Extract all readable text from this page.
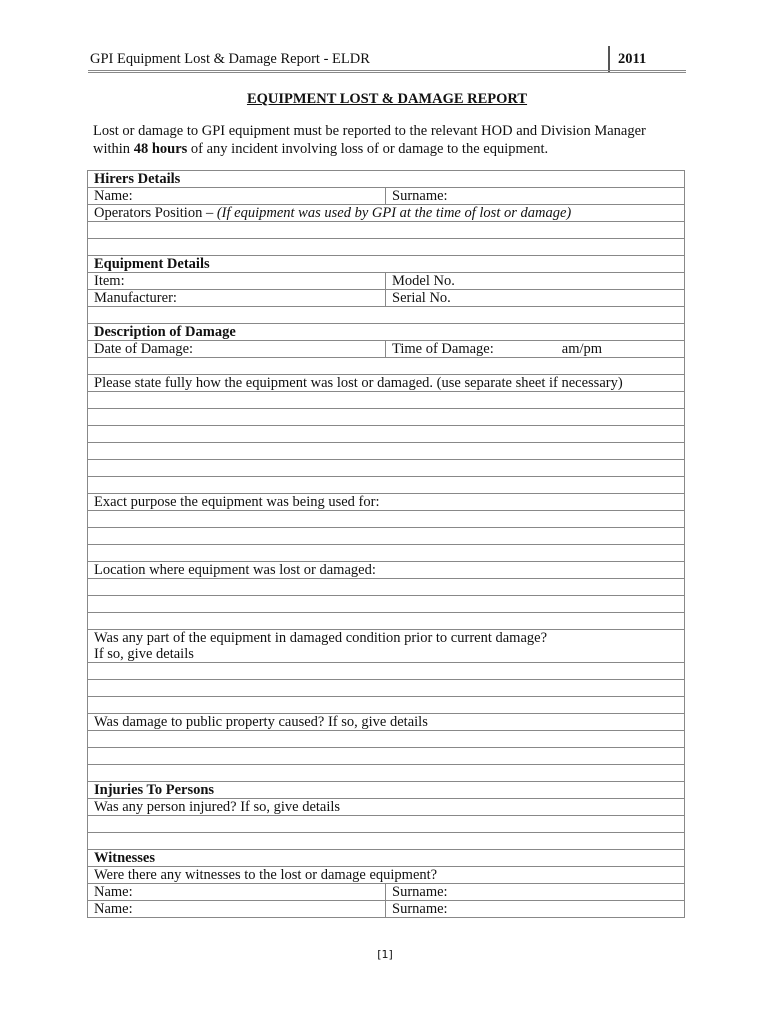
GPI Equipment Lost & Damage Report - ELDR	2011
EQUIPMENT LOST & DAMAGE REPORT
Lost or damage to GPI equipment must be reported to the relevant HOD and Division Manager within 48 hours of any incident involving loss of or damage to the equipment.
Hirers Details	
Name:	Surname:
Operators Position – (If equipment was used by GPI at the time of lost or damage)	

Equipment Details	
Item:	Model No.
Manufacturer:	Serial No.

Description of Damage	
Date of Damage:	Time of Damage: am/pm

Please state fully how the equipment was lost or damaged. (use separate sheet if necessary)	

Exact purpose the equipment was being used for:	

Location where equipment was lost or damaged:	

Was any part of the equipment in damaged condition prior to current damage?
If so, give details	

Was damage to public property caused? If so, give details	

Injuries To Persons	
Was any person injured? If so, give details	

Witnesses	
Were there any witnesses to the lost or damage equipment?	
Name:	Surname:
Name:	Surname:
[1]
